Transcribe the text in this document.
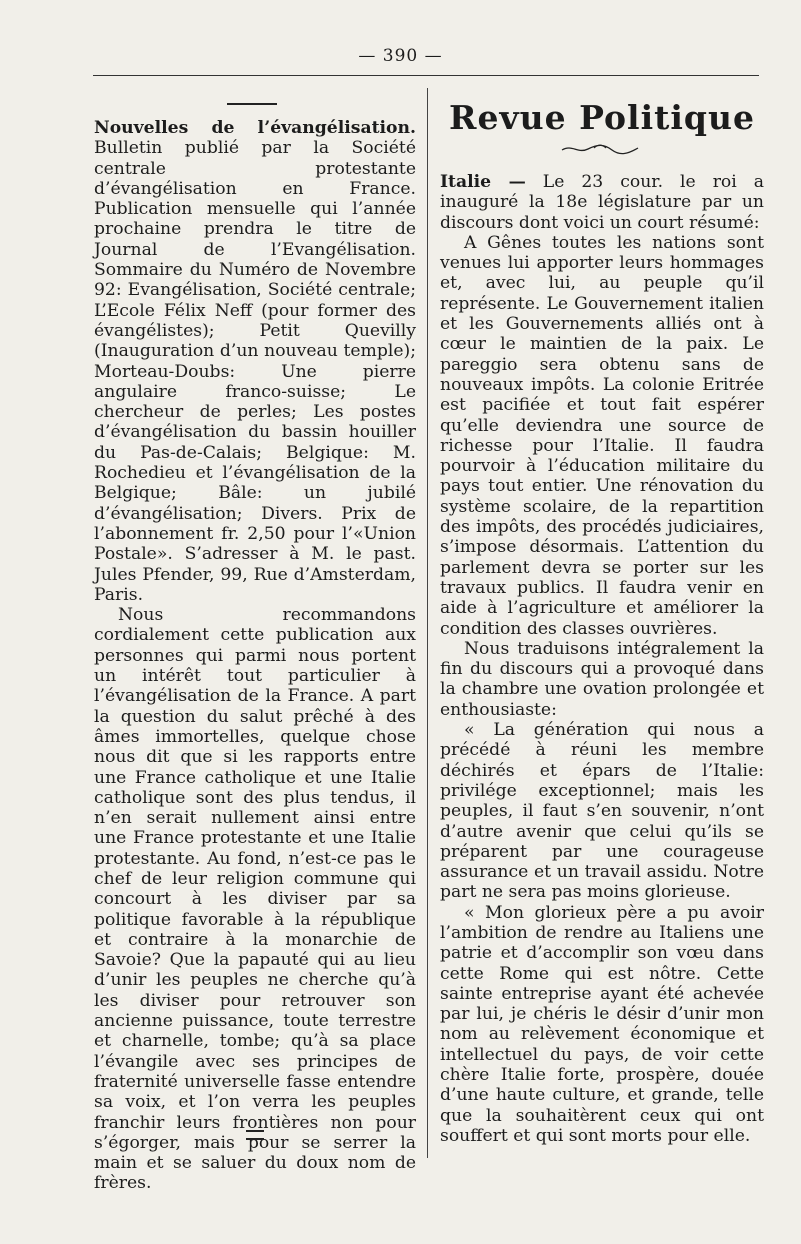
— 390 —

Nouvelles de l’évangélisation. Bulletin publié par la Société centrale protestante d’évangélisation en France. Publication mensuelle qui l’année prochaine prendra le titre de Journal de l’Evangélisation. Sommaire du Numéro de Novembre 92: Evangélisation, Société centrale; L’Ecole Félix Neff (pour former des évangélistes); Petit Quevilly (Inauguration d’un nouveau temple); Morteau-Doubs: Une pierre angulaire franco-suisse; Le chercheur de perles; Les postes d’évangélisation du bassin houiller du Pas-de-Calais; Belgique: M. Rochedieu et l’évangélisation de la Belgique; Bâle: un jubilé d’évangélisation; Divers. Prix de l’abonnement fr. 2,50 pour l’«Union Postale». S’adresser à M. le past. Jules Pfender, 99, Rue d’Amsterdam, Paris.

Nous recommandons cordialement cette publication aux personnes qui parmi nous portent un intérêt tout particulier à l’évangélisation de la France. A part la question du salut prêché à des âmes immortelles, quelque chose nous dit que si les rapports entre une France catholique et une Italie catholique sont des plus tendus, il n’en serait nullement ainsi entre une France protestante et une Italie protestante. Au fond, n’est-ce pas le chef de leur religion commune qui concourt à les diviser par sa politique favorable à la république et contraire à la monarchie de Savoie? Que la papauté qui au lieu d’unir les peuples ne cherche qu’à les diviser pour retrouver son ancienne puissance, toute terrestre et charnelle, tombe; qu’à sa place l’évangile avec ses principes de fraternité universelle fasse entendre sa voix, et l’on verra les peuples franchir leurs frontières non pour s’égorger, mais pour se serrer la main et se saluer du doux nom de frères.

Revue Politique

Italie — Le 23 cour. le roi a inauguré la 18e législature par un discours dont voici un court résumé:

A Gênes toutes les nations sont venues lui apporter leurs hommages et, avec lui, au peuple qu’il représente. Le Gouvernement italien et les Gouvernements alliés ont à cœur le maintien de la paix. Le pareggio sera obtenu sans de nouveaux impôts. La colonie Eritrée est pacifiée et tout fait espérer qu’elle deviendra une source de richesse pour l’Italie. Il faudra pourvoir à l’éducation militaire du pays tout entier. Une rénovation du système scolaire, de la repartition des impôts, des procédés judiciaires, s’impose désormais. L’attention du parlement devra se porter sur les travaux publics. Il faudra venir en aide à l’agriculture et améliorer la condition des classes ouvrières.

Nous traduisons intégralement la fin du discours qui a provoqué dans la chambre une ovation prolongée et enthousiaste:

« La génération qui nous a précédé à réuni les membre déchirés et épars de l’Italie: privilége exceptionnel; mais les peuples, il faut s’en souvenir, n’ont d’autre avenir que celui qu’ils se préparent par une courageuse assurance et un travail assidu. Notre part ne sera pas moins glorieuse.

« Mon glorieux père a pu avoir l’ambition de rendre au Italiens une patrie et d’accomplir son vœu dans cette Rome qui est nôtre. Cette sainte entreprise ayant été achevée par lui, je chéris le désir d’unir mon nom au relèvement économique et intellectuel du pays, de voir cette chère Italie forte, prospère, douée d’une haute culture, et grande, telle que la souhaitèrent ceux qui ont souffert et qui sont morts pour elle.
